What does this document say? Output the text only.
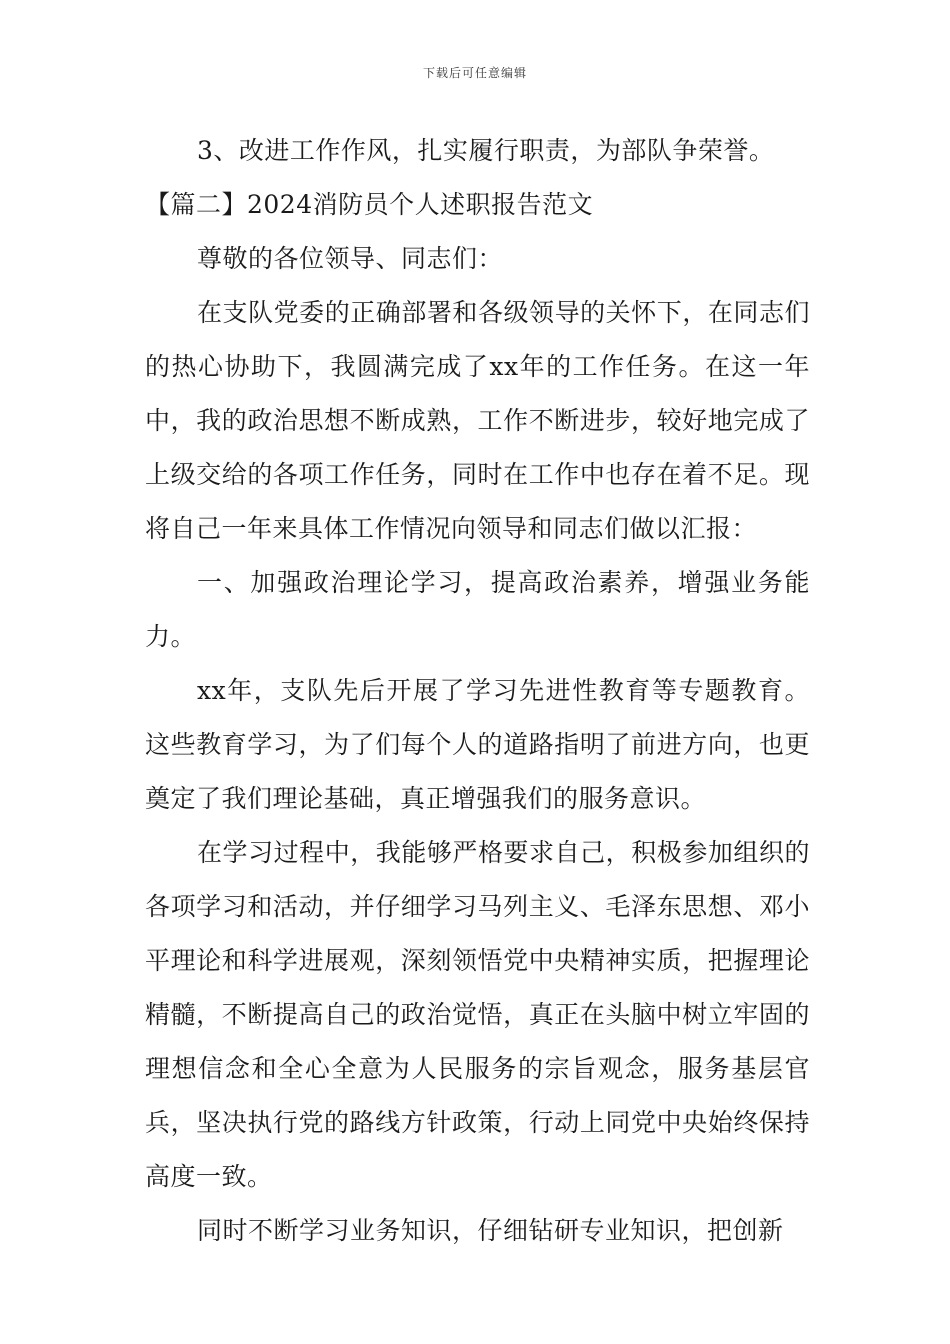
下载后可任意编辑

3、改进工作作风，扎实履行职责，为部队争荣誉。

【篇二】2024消防员个人述职报告范文

尊敬的各位领导、同志们：

在支队党委的正确部署和各级领导的关怀下，在同志们的热心协助下，我圆满完成了xx年的工作任务。在这一年中，我的政治思想不断成熟，工作不断进步，较好地完成了上级交给的各项工作任务，同时在工作中也存在着不足。现将自己一年来具体工作情况向领导和同志们做以汇报：

一、加强政治理论学习，提高政治素养，增强业务能力。

xx年，支队先后开展了学习先进性教育等专题教育。这些教育学习，为了们每个人的道路指明了前进方向，也更奠定了我们理论基础，真正增强我们的服务意识。

在学习过程中，我能够严格要求自己，积极参加组织的各项学习和活动，并仔细学习马列主义、毛泽东思想、邓小平理论和科学进展观，深刻领悟党中央精神实质，把握理论精髓，不断提高自己的政治觉悟，真正在头脑中树立牢固的理想信念和全心全意为人民服务的宗旨观念，服务基层官兵，坚决执行党的路线方针政策，行动上同党中央始终保持高度一致。

同时不断学习业务知识，仔细钻研专业知识，把创新
